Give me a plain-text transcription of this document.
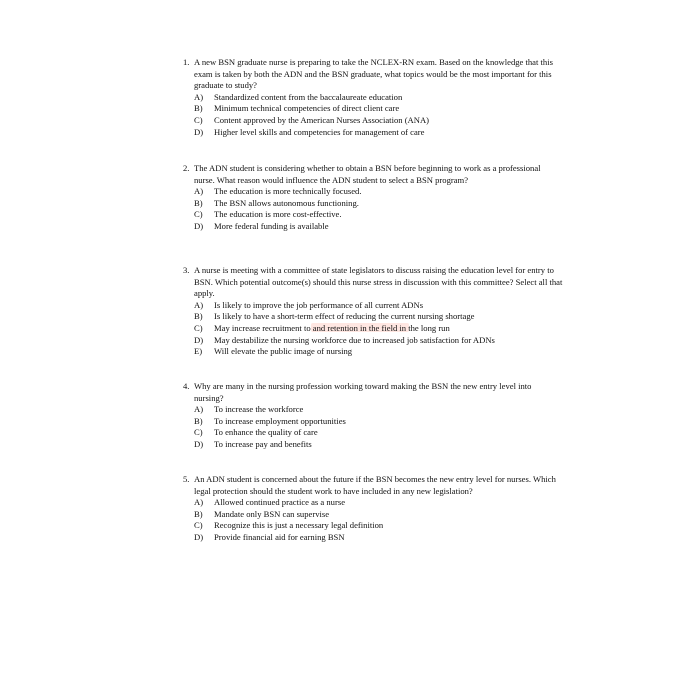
1. A new BSN graduate nurse is preparing to take the NCLEX-RN exam. Based on the knowledge that this exam is taken by both the ADN and the BSN graduate, what topics would be the most important for this graduate to study?
A)	Standardized content from the baccalaureate education
B)	Minimum technical competencies of direct client care
C)	Content approved by the American Nurses Association (ANA)
D)	Higher level skills and competencies for management of care
2. The ADN student is considering whether to obtain a BSN before beginning to work as a professional nurse. What reason would influence the ADN student to select a BSN program?
A)	The education is more technically focused.
B)	The BSN allows autonomous functioning.
C)	The education is more cost-effective.
D)	More federal funding is available
3. A nurse is meeting with a committee of state legislators to discuss raising the education level for entry to BSN. Which potential outcome(s) should this nurse stress in discussion with this committee? Select all that apply.
A)	Is likely to improve the job performance of all current ADNs
B)	Is likely to have a short-term effect of reducing the current nursing shortage
C)	May increase recruitment to and retention in the field in the long run
D)	May destabilize the nursing workforce due to increased job satisfaction for ADNs
E)	Will elevate the public image of nursing
4. Why are many in the nursing profession working toward making the BSN the new entry level into nursing?
A)	To increase the workforce
B)	To increase employment opportunities
C)	To enhance the quality of care
D)	To increase pay and benefits
5. An ADN student is concerned about the future if the BSN becomes the new entry level for nurses. Which legal protection should the student work to have included in any new legislation?
A)	Allowed continued practice as a nurse
B)	Mandate only BSN can supervise
C)	Recognize this is just a necessary legal definition
D)	Provide financial aid for earning BSN
